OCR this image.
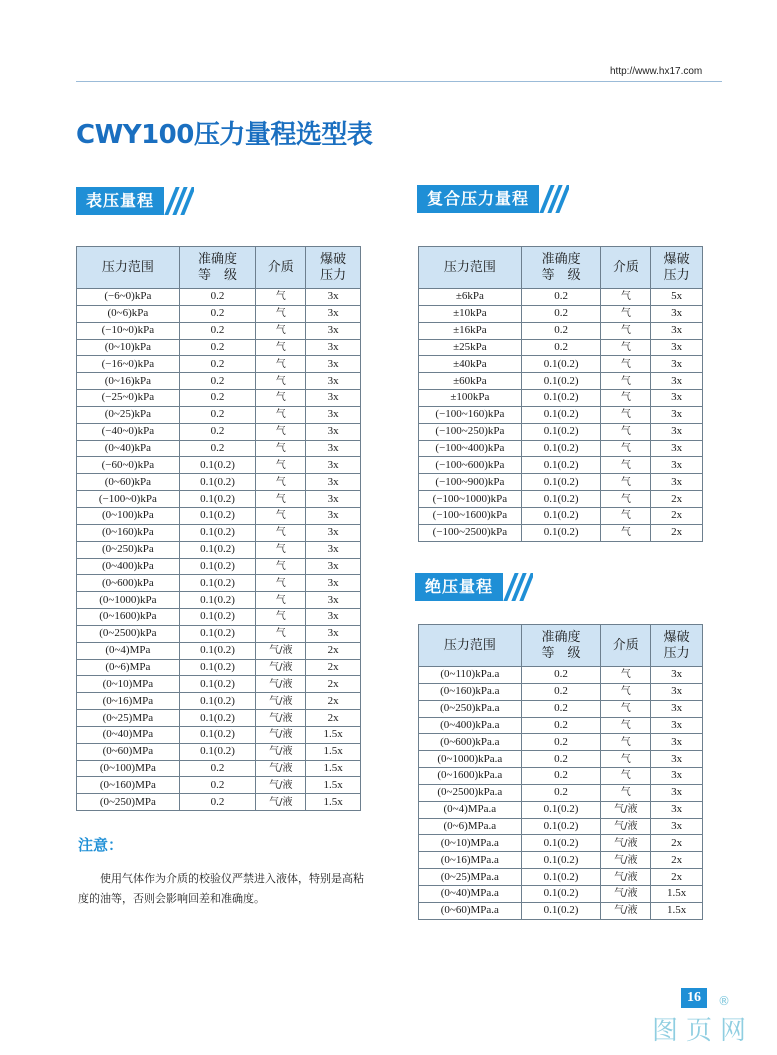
http://www.hx17.com
CWY100压力量程选型表
表压量程	复合压力量程
绝压量程
压力范围	准确度
等　级	介质	爆破
压力
(−6~0)kPa	0.2	气	3x
(0~6)kPa	0.2	气	3x
(−10~0)kPa	0.2	气	3x
(0~10)kPa	0.2	气	3x
(−16~0)kPa	0.2	气	3x
(0~16)kPa	0.2	气	3x
(−25~0)kPa	0.2	气	3x
(0~25)kPa	0.2	气	3x
(−40~0)kPa	0.2	气	3x
(0~40)kPa	0.2	气	3x
(−60~0)kPa	0.1(0.2)	气	3x
(0~60)kPa	0.1(0.2)	气	3x
(−100~0)kPa	0.1(0.2)	气	3x
(0~100)kPa	0.1(0.2)	气	3x
(0~160)kPa	0.1(0.2)	气	3x
(0~250)kPa	0.1(0.2)	气	3x
(0~400)kPa	0.1(0.2)	气	3x
(0~600)kPa	0.1(0.2)	气	3x
(0~1000)kPa	0.1(0.2)	气	3x
(0~1600)kPa	0.1(0.2)	气	3x
(0~2500)kPa	0.1(0.2)	气	3x
(0~4)MPa	0.1(0.2)	气/液	2x
(0~6)MPa	0.1(0.2)	气/液	2x
(0~10)MPa	0.1(0.2)	气/液	2x
(0~16)MPa	0.1(0.2)	气/液	2x
(0~25)MPa	0.1(0.2)	气/液	2x
(0~40)MPa	0.1(0.2)	气/液	1.5x
(0~60)MPa	0.1(0.2)	气/液	1.5x
(0~100)MPa	0.2	气/液	1.5x
(0~160)MPa	0.2	气/液	1.5x
(0~250)MPa	0.2	气/液	1.5x
压力范围	准确度
等　级	介质	爆破
压力
±6kPa	0.2	气	5x
±10kPa	0.2	气	3x
±16kPa	0.2	气	3x
±25kPa	0.2	气	3x
±40kPa	0.1(0.2)	气	3x
±60kPa	0.1(0.2)	气	3x
±100kPa	0.1(0.2)	气	3x
(−100~160)kPa	0.1(0.2)	气	3x
(−100~250)kPa	0.1(0.2)	气	3x
(−100~400)kPa	0.1(0.2)	气	3x
(−100~600)kPa	0.1(0.2)	气	3x
(−100~900)kPa	0.1(0.2)	气	3x
(−100~1000)kPa	0.1(0.2)	气	2x
(−100~1600)kPa	0.1(0.2)	气	2x
(−100~2500)kPa	0.1(0.2)	气	2x
压力范围	准确度
等　级	介质	爆破
压力
(0~110)kPa.a	0.2	气	3x
(0~160)kPa.a	0.2	气	3x
(0~250)kPa.a	0.2	气	3x
(0~400)kPa.a	0.2	气	3x
(0~600)kPa.a	0.2	气	3x
(0~1000)kPa.a	0.2	气	3x
(0~1600)kPa.a	0.2	气	3x
(0~2500)kPa.a	0.2	气	3x
(0~4)MPa.a	0.1(0.2)	气/液	3x
(0~6)MPa.a	0.1(0.2)	气/液	3x
(0~10)MPa.a	0.1(0.2)	气/液	2x
(0~16)MPa.a	0.1(0.2)	气/液	2x
(0~25)MPa.a	0.1(0.2)	气/液	2x
(0~40)MPa.a	0.1(0.2)	气/液	1.5x
(0~60)MPa.a	0.1(0.2)	气/液	1.5x
注意：
使用气体作为介质的校验仪严禁进入液体，特别是高粘度的油等，否则会影响回差和准确度。
16
图页网
®
